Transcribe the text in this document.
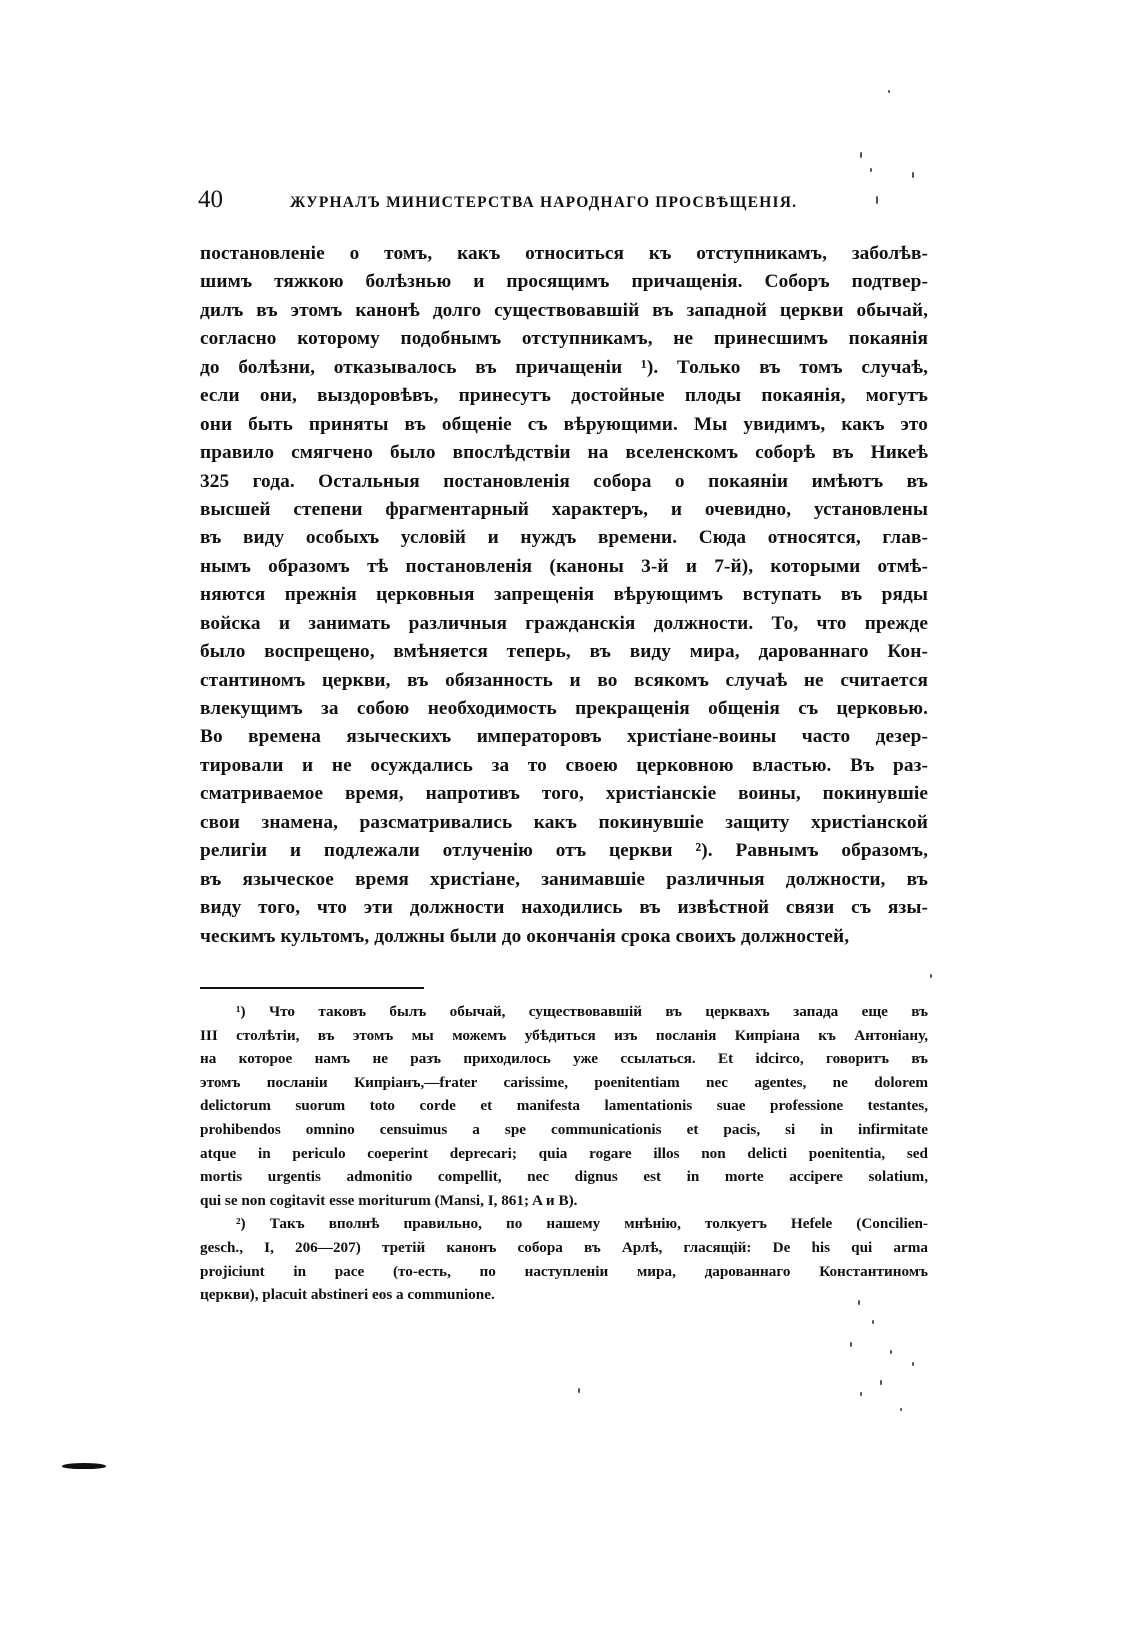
40	ЖУРНАЛЪ МИНИСТЕРСТВА НАРОДНАГО ПРОСВѢЩЕНІЯ.
постановленіе о томъ, какъ относиться къ отступникамъ, заболѣв-
шимъ тяжкою болѣзнью и просящимъ причащенія. Соборъ подтвер-
дилъ въ этомъ канонѣ долго существовавшій въ западной церкви обычай,
согласно которому подобнымъ отступникамъ, не принесшимъ покаянія
до болѣзни, отказывалось въ причащеніи ¹). Только въ томъ случаѣ,
если они, выздоровѣвъ, принесутъ достойные плоды покаянія, могутъ
они быть приняты въ общеніе съ вѣрующими. Мы увидимъ, какъ это
правило смягчено было впослѣдствіи на вселенскомъ соборѣ въ Никеѣ
325 года. Остальныя постановленія собора о покаяніи имѣютъ въ
высшей степени фрагментарный характеръ, и очевидно, установлены
въ виду особыхъ условій и нуждъ времени. Сюда относятся, глав-
нымъ образомъ тѣ постановленія (каноны 3-й и 7-й), которыми отмѣ-
няются прежнія церковныя запрещенія вѣрующимъ вступать въ ряды
войска и занимать различныя гражданскія должности. То, что прежде
было воспрещено, вмѣняется теперь, въ виду мира, дарованнаго Кон-
стантиномъ церкви, въ обязанность и во всякомъ случаѣ не считается
влекущимъ за собою необходимость прекращенія общенія съ церковью.
Во времена языческихъ императоровъ христіане-воины часто дезер-
тировали и не осуждались за то своею церковною властью. Въ раз-
сматриваемое время, напротивъ того, христіанскіе воины, покинувшіе
свои знамена, разсматривались какъ покинувшіе защиту христіанской
религіи и подлежали отлученію отъ церкви ²). Равнымъ образомъ,
въ языческое время христіане, занимавшіе различныя должности, въ
виду того, что эти должности находились въ извѣстной связи съ язы-
ческимъ культомъ, должны были до окончанія срока своихъ должностей,
¹) Что таковъ былъ обычай, существовавшій въ церквахъ запада еще въ
III столѣтіи, въ этомъ мы можемъ убѣдиться изъ посланія Кипріана къ Антоніану,
на которое намъ не разъ приходилось уже ссылаться. Et idcirco, говоритъ въ
этомъ посланіи Кипріанъ,—frater carissime, poenitentiam nec agentes, ne dolorem
delictorum suorum toto corde et manifesta lamentationis suae professione testantes,
prohibendos omnino censuimus a spe communicationis et pacis, si in infirmitate
atque in periculo coeperint deprecari; quia rogare illos non delicti poenitentia, sed
mortis urgentis admonitio compellit, nec dignus est in morte accipere solatium,
qui se non cogitavit esse moriturum (Mansi, I, 861; A и B).
²) Такъ вполнѣ правильно, по нашему мнѣнію, толкуетъ Hefele (Concilien-
gesch., I, 206—207) третій канонъ собора въ Арлѣ, гласящій: De his qui arma
projiciunt in pace (то-есть, по наступленіи мира, дарованнаго Константиномъ
церкви), placuit abstineri eos a communione.
